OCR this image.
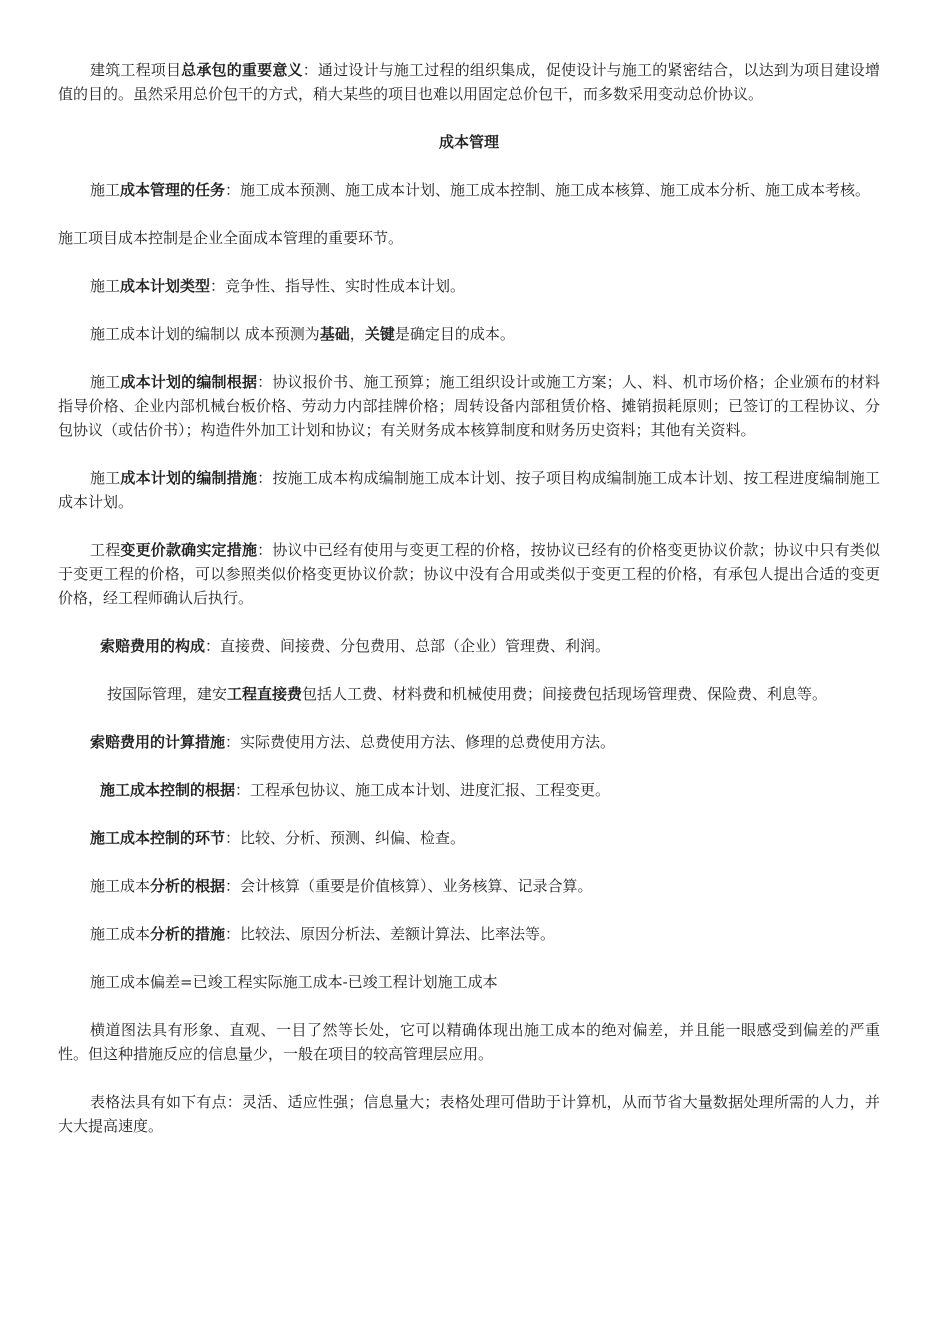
建筑工程项目总承包的重要意义：通过设计与施工过程的组织集成，促使设计与施工的紧密结合，以达到为项目建设增值的目的。虽然采用总价包干的方式，稍大某些的项目也难以用固定总价包干，而多数采用变动总价协议。

成本管理

施工成本管理的任务：施工成本预测、施工成本计划、施工成本控制、施工成本核算、施工成本分析、施工成本考核。

施工项目成本控制是企业全面成本管理的重要环节。

施工成本计划类型：竞争性、指导性、实时性成本计划。

施工成本计划的编制以 成本预测为基础，关键是确定目的成本。

施工成本计划的编制根据：协议报价书、施工预算；施工组织设计或施工方案；人、料、机市场价格；企业颁布的材料指导价格、企业内部机械台板价格、劳动力内部挂牌价格；周转设备内部租赁价格、摊销损耗原则；已签订的工程协议、分包协议（或估价书）；构造件外加工计划和协议；有关财务成本核算制度和财务历史资料；其他有关资料。

施工成本计划的编制措施：按施工成本构成编制施工成本计划、按子项目构成编制施工成本计划、按工程进度编制施工成本计划。

工程变更价款确实定措施：协议中已经有使用与变更工程的价格，按协议已经有的价格变更协议价款；协议中只有类似于变更工程的价格，可以参照类似价格变更协议价款；协议中没有合用或类似于变更工程的价格，有承包人提出合适的变更价格，经工程师确认后执行。

索赔费用的构成：直接费、间接费、分包费用、总部（企业）管理费、利润。

按国际管理，建安工程直接费包括人工费、材料费和机械使用费；间接费包括现场管理费、保险费、利息等。

索赔费用的计算措施：实际费使用方法、总费使用方法、修理的总费使用方法。

施工成本控制的根据：工程承包协议、施工成本计划、进度汇报、工程变更。

施工成本控制的环节：比较、分析、预测、纠偏、检查。

施工成本分析的根据：会计核算（重要是价值核算）、业务核算、记录合算。

施工成本分析的措施：比较法、原因分析法、差额计算法、比率法等。

施工成本偏差=已竣工程实际施工成本-已竣工程计划施工成本

横道图法具有形象、直观、一目了然等长处，它可以精确体现出施工成本的绝对偏差，并且能一眼感受到偏差的严重性。但这种措施反应的信息量少，一般在项目的较高管理层应用。

表格法具有如下有点：灵活、适应性强；信息量大；表格处理可借助于计算机，从而节省大量数据处理所需的人力，并大大提高速度。
